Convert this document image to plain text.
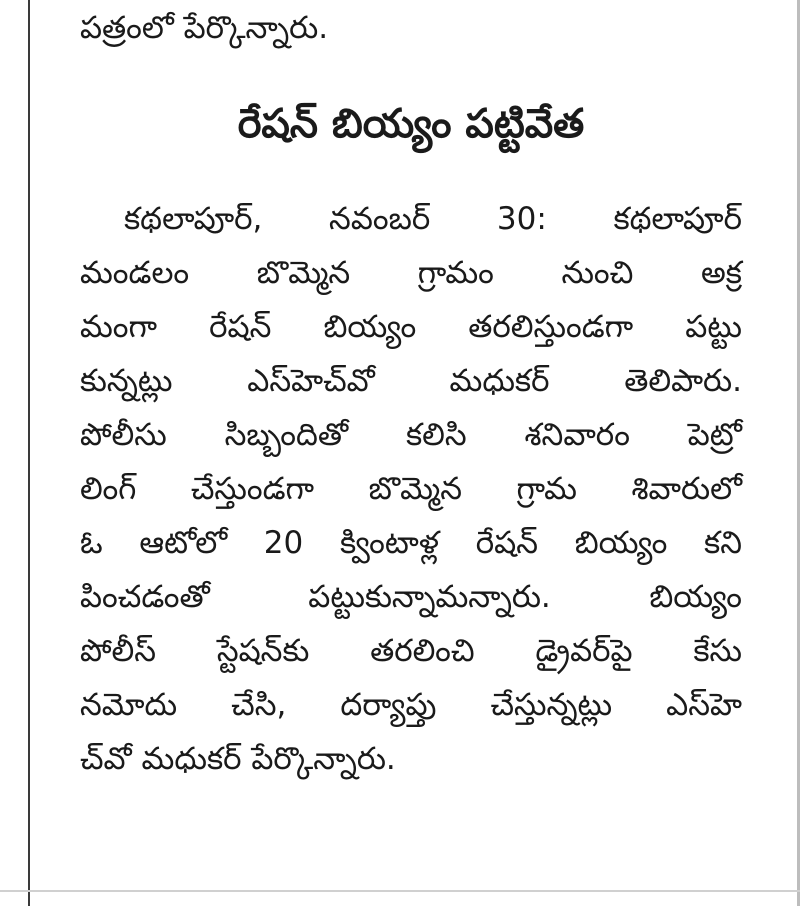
పత్రంలో పేర్కొన్నారు.
రేషన్ బియ్యం పట్టివేత
కథలాపూర్, నవంబర్ 30: కథలాపూర్
మండలం బొమ్మెన గ్రామం నుంచి అక్ర
మంగా రేషన్ బియ్యం తరలిస్తుండగా పట్టు
కున్నట్లు ఎస్‌హెచ్‌వో మధుకర్ తెలిపారు.
పోలీసు సిబ్బందితో కలిసి శనివారం పెట్రో
లింగ్ చేస్తుండగా బొమ్మెన గ్రామ శివారులో
ఓ ఆటోలో 20 క్వింటాళ్ల రేషన్ బియ్యం కని
పించడంతో పట్టుకున్నామన్నారు. బియ్యం
పోలీస్ స్టేషన్‌కు తరలించి డ్రైవర్‌పై కేసు
నమోదు చేసి, దర్యాప్తు చేస్తున్నట్లు ఎస్‌హె
చ్‌వో మధుకర్ పేర్కొన్నారు.
